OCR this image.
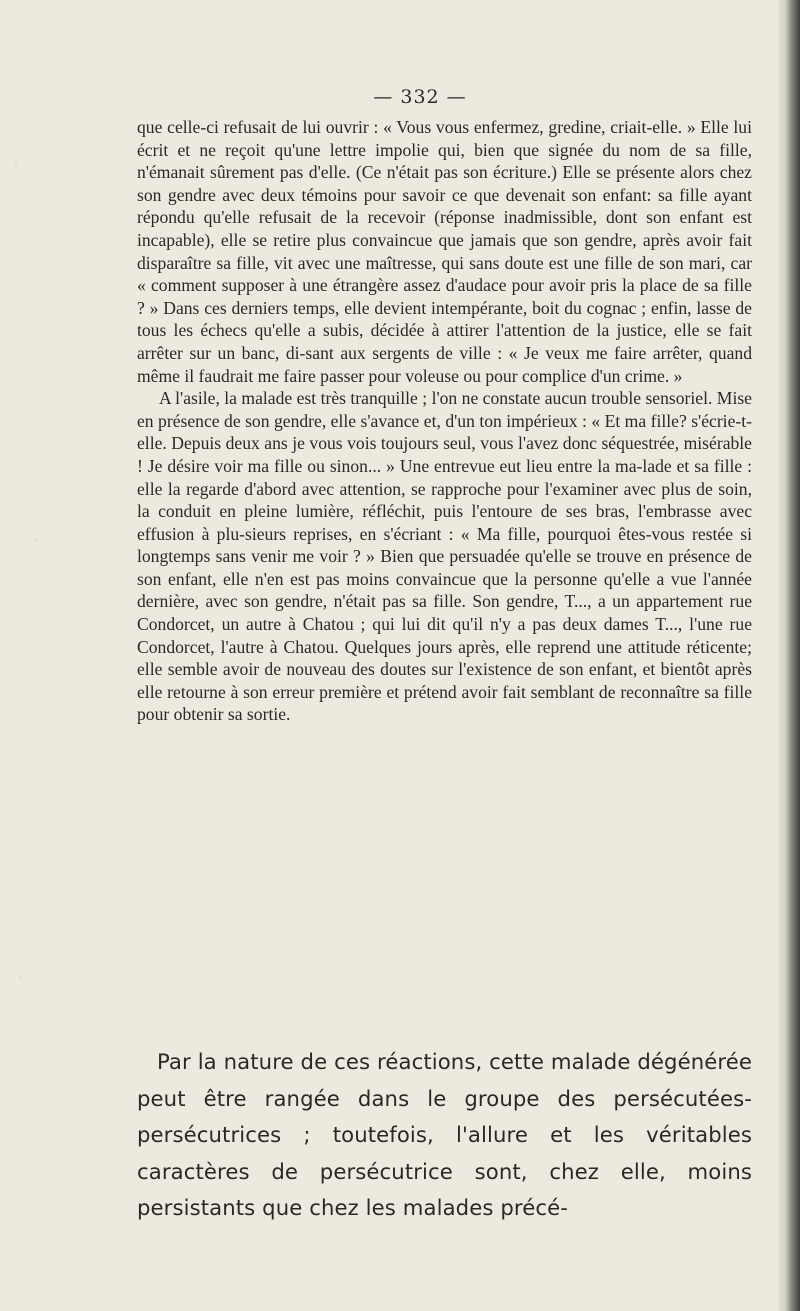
— 332 —

que celle-ci refusait de lui ouvrir : « Vous vous enfermez, gredine, criait-elle. » Elle lui écrit et ne reçoit qu'une lettre impolie qui, bien que signée du nom de sa fille, n'émanait sûrement pas d'elle. (Ce n'était pas son écriture.) Elle se présente alors chez son gendre avec deux témoins pour savoir ce que devenait son enfant: sa fille ayant répondu qu'elle refusait de la recevoir (réponse inadmissible, dont son enfant est incapable), elle se retire plus convaincue que jamais que son gendre, après avoir fait disparaître sa fille, vit avec une maîtresse, qui sans doute est une fille de son mari, car « comment supposer à une étrangère assez d'audace pour avoir pris la place de sa fille ? » Dans ces derniers temps, elle devient intempérante, boit du cognac ; enfin, lasse de tous les échecs qu'elle a subis, décidée à attirer l'attention de la justice, elle se fait arrêter sur un banc, di-sant aux sergents de ville : « Je veux me faire arrêter, quand même il faudrait me faire passer pour voleuse ou pour complice d'un crime. »

A l'asile, la malade est très tranquille ; l'on ne constate aucun trouble sensoriel. Mise en présence de son gendre, elle s'avance et, d'un ton impérieux : « Et ma fille? s'écrie-t-elle. Depuis deux ans je vous vois toujours seul, vous l'avez donc séquestrée, misérable ! Je désire voir ma fille ou sinon... » Une entrevue eut lieu entre la ma-lade et sa fille : elle la regarde d'abord avec attention, se rapproche pour l'examiner avec plus de soin, la conduit en pleine lumière, réfléchit, puis l'entoure de ses bras, l'embrasse avec effusion à plu-sieurs reprises, en s'écriant : « Ma fille, pourquoi êtes-vous restée si longtemps sans venir me voir ? » Bien que persuadée qu'elle se trouve en présence de son enfant, elle n'en est pas moins convaincue que la personne qu'elle a vue l'année dernière, avec son gendre, n'était pas sa fille. Son gendre, T..., a un appartement rue Condorcet, un autre à Chatou ; qui lui dit qu'il n'y a pas deux dames T..., l'une rue Condorcet, l'autre à Chatou. Quelques jours après, elle reprend une attitude réticente; elle semble avoir de nouveau des doutes sur l'existence de son enfant, et bientôt après elle retourne à son erreur première et prétend avoir fait semblant de reconnaître sa fille pour obtenir sa sortie.

Par la nature de ces réactions, cette malade dégénérée peut être rangée dans le groupe des persécutées-persécutrices ; toutefois, l'allure et les véritables caractères de persécutrice sont, chez elle, moins persistants que chez les malades précé-
